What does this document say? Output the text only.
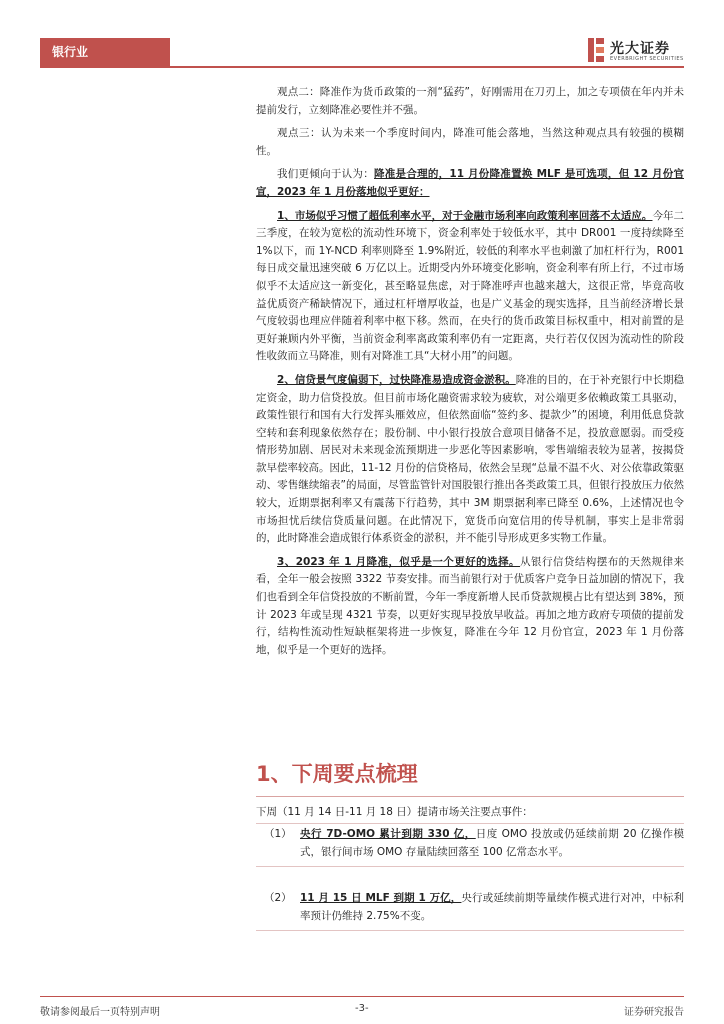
银行业	光大证券
EVERBRIGHT SECURITIES

观点二：降准作为货币政策的一剂“猛药”，好刚需用在刀刃上，加之专项债在年内并未提前发行，立刻降准必要性并不强。

观点三：认为未来一个季度时间内，降准可能会落地，当然这种观点具有较强的模糊性。

我们更倾向于认为：降准是合理的，11 月份降准置换 MLF 是可选项，但 12 月份官宣，2023 年 1 月份落地似乎更好：

1、市场似乎习惯了超低利率水平，对于金融市场利率向政策利率回落不太适应。今年二三季度，在较为宽松的流动性环境下，资金利率处于较低水平，其中 DR001 一度持续降至 1%以下，而 1Y-NCD 利率则降至 1.9%附近，较低的利率水平也刺激了加杠杆行为，R001 每日成交量迅速突破 6 万亿以上。近期受内外环境变化影响，资金利率有所上行，不过市场似乎不太适应这一新变化，甚至略显焦虑，对于降准呼声也越来越大，这很正常，毕竟高收益优质资产稀缺情况下，通过杠杆增厚收益，也是广义基金的现实选择，且当前经济增长景气度较弱也理应伴随着利率中枢下移。然而，在央行的货币政策目标权重中，相对前置的是更好兼顾内外平衡，当前资金利率离政策利率仍有一定距离，央行若仅仅因为流动性的阶段性收敛而立马降准，则有对降准工具“大材小用”的问题。

2、信贷景气度偏弱下，过快降准易造成资金淤积。降准的目的，在于补充银行中长期稳定资金，助力信贷投放。但目前市场化融资需求较为疲软，对公端更多依赖政策工具驱动，政策性银行和国有大行发挥头雁效应，但依然面临“签约多、提款少”的困境，利用低息贷款空转和套利现象依然存在；股份制、中小银行投放合意项目储备不足，投放意愿弱。而受疫情形势加剧、居民对未来现金流预期进一步恶化等因素影响，零售端缩表较为显著，按揭贷款早偿率较高。因此，11-12 月份的信贷格局，依然会呈现“总量不温不火、对公依靠政策驱动、零售继续缩表”的局面，尽管监管针对国股银行推出各类政策工具，但银行投放压力依然较大，近期票据利率又有震荡下行趋势，其中 3M 期票据利率已降至 0.6%，上述情况也令市场担忧后续信贷质量问题。在此情况下，宽货币向宽信用的传导机制，事实上是非常弱的，此时降准会造成银行体系资金的淤积，并不能引导形成更多实物工作量。

3、2023 年 1 月降准，似乎是一个更好的选择。从银行信贷结构摆布的天然规律来看，全年一般会按照 3322 节奏安排。而当前银行对于优质客户竞争日益加剧的情况下，我们也看到全年信贷投放的不断前置，今年一季度新增人民币贷款规模占比有望达到 38%，预计 2023 年或呈现 4321 节奏，以更好实现早投放早收益。再加之地方政府专项债的提前发行，结构性流动性短缺框架将进一步恢复，降准在今年 12 月份官宣，2023 年 1 月份落地，似乎是一个更好的选择。

1、下周要点梳理
下周（11 月 14 日-11 月 18 日）提请市场关注要点事件：
（1） 央行 7D-OMO 累计到期 330 亿，日度 OMO 投放或仍延续前期 20 亿操作模式，银行间市场 OMO 存量陆续回落至 100 亿常态水平。
（2） 11 月 15 日 MLF 到期 1 万亿，央行或延续前期等量续作模式进行对冲，中标利率预计仍维持 2.75%不变。
敬请参阅最后一页特别声明	-3-	证券研究报告
